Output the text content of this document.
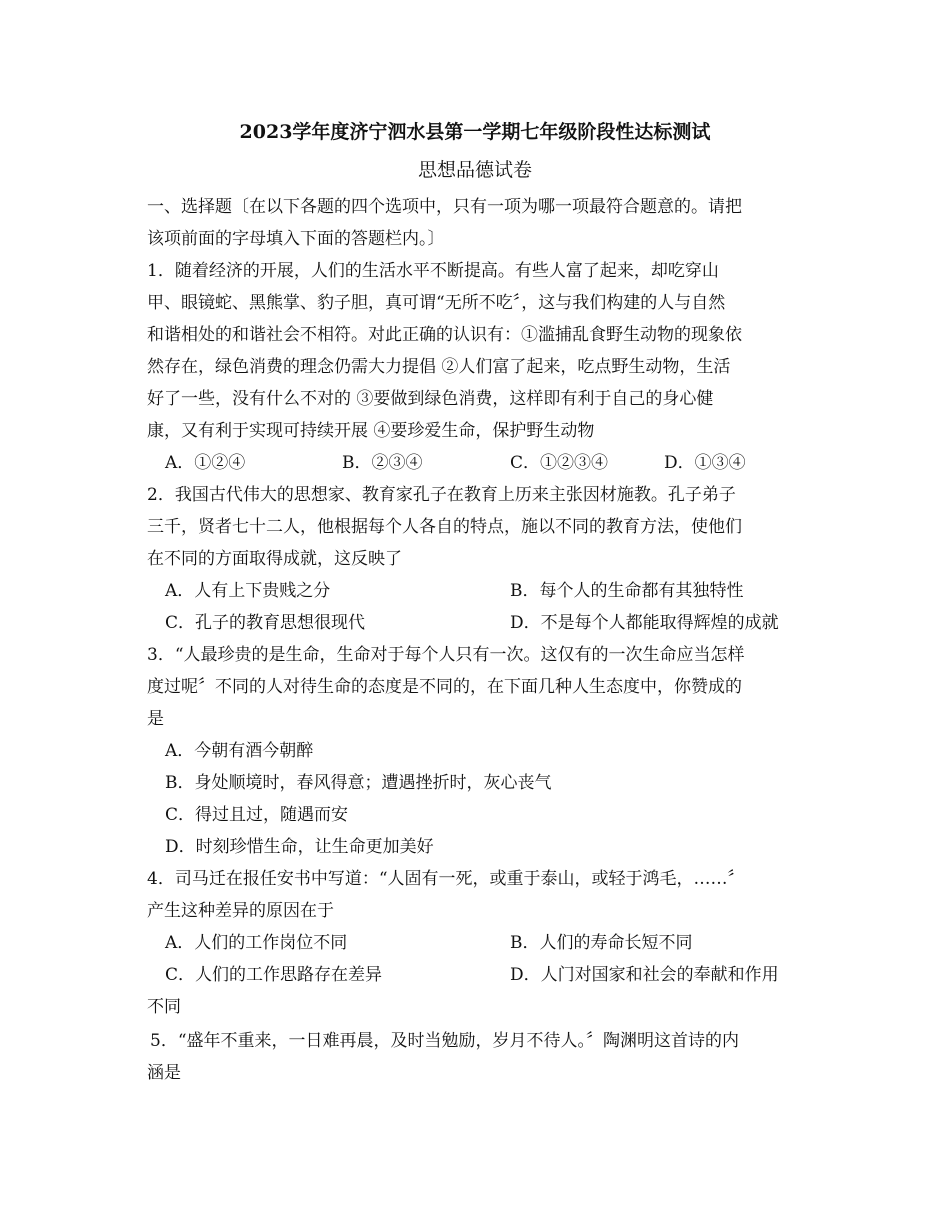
2023学年度济宁泗水县第一学期七年级阶段性达标测试
思想品德试卷
一、选择题〔在以下各题的四个选项中，只有一项为哪一项最符合题意的。请把
该项前面的字母填入下面的答题栏内。〕
1．随着经济的开展，人们的生活水平不断提高。有些人富了起来，却吃穿山
甲、眼镜蛇、黑熊掌、豹子胆，真可谓“无所不吃〞，这与我们构建的人与自然
和谐相处的和谐社会不相符。对此正确的认识有：①滥捕乱食野生动物的现象依
然存在，绿色消费的理念仍需大力提倡 ②人们富了起来，吃点野生动物，生活
好了一些，没有什么不对的 ③要做到绿色消费，这样即有利于自己的身心健
康，又有利于实现可持续开展 ④要珍爱生命，保护野生动物
A．①②④	B．②③④	C．①②③④	D．①③④
2．我国古代伟大的思想家、教育家孔子在教育上历来主张因材施教。孔子弟子
三千，贤者七十二人，他根据每个人各自的特点，施以不同的教育方法，使他们
在不同的方面取得成就，这反映了
A．人有上下贵贱之分	B．每个人的生命都有其独特性
C．孔子的教育思想很现代	D．不是每个人都能取得辉煌的成就
3．“人最珍贵的是生命，生命对于每个人只有一次。这仅有的一次生命应当怎样
度过呢〞不同的人对待生命的态度是不同的，在下面几种人生态度中，你赞成的
是
A．今朝有酒今朝醉
B．身处顺境时，春风得意；遭遇挫折时，灰心丧气
C．得过且过，随遇而安
D．时刻珍惜生命，让生命更加美好
4．司马迁在报任安书中写道：“人固有一死，或重于泰山，或轻于鸿毛，……〞
产生这种差异的原因在于
A．人们的工作岗位不同	B．人们的寿命长短不同
C．人们的工作思路存在差异	D．人门对国家和社会的奉献和作用
不同
5．“盛年不重来，一日难再晨，及时当勉励，岁月不待人。〞陶渊明这首诗的内
涵是
